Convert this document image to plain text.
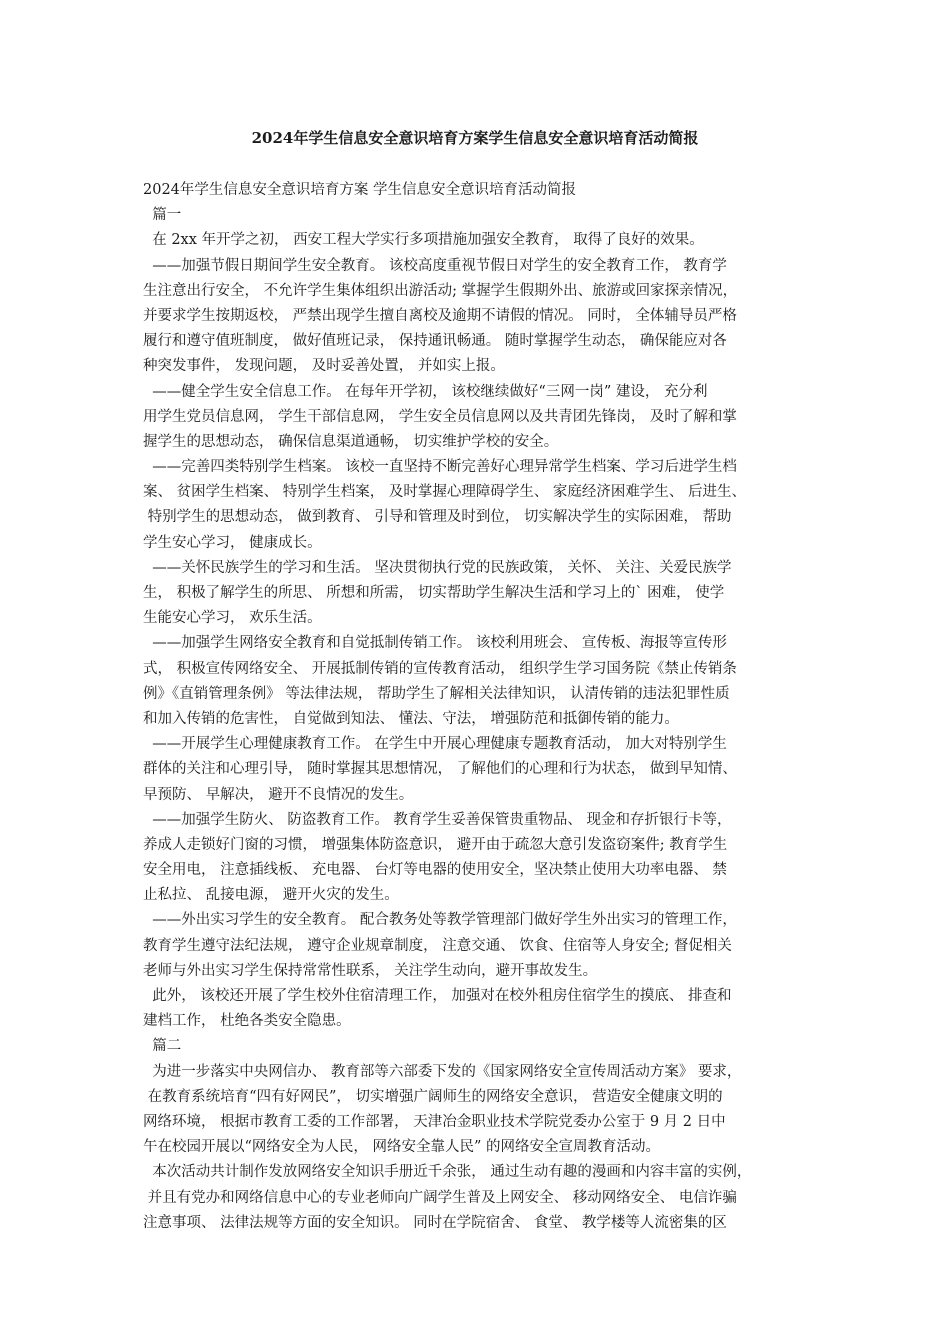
2024年学生信息安全意识培育方案学生信息安全意识培育活动简报
2024年学生信息安全意识培育方案 学生信息安全意识培育活动简报
篇一
在 2xx 年开学之初， 西安工程大学实行多项措施加强安全教育， 取得了良好的效果。
——加强节假日期间学生安全教育。 该校高度重视节假日对学生的安全教育工作， 教育学
生注意出行安全， 不允许学生集体组织出游活动; 掌握学生假期外出、旅游或回家探亲情况，
并要求学生按期返校， 严禁出现学生擅自离校及逾期不请假的情况。 同时， 全体辅导员严格
履行和遵守值班制度， 做好值班记录， 保持通讯畅通。 随时掌握学生动态， 确保能应对各
种突发事件， 发现问题， 及时妥善处置， 并如实上报。
——健全学生安全信息工作。 在每年开学初， 该校继续做好“三网一岗” 建设， 充分利
用学生党员信息网， 学生干部信息网， 学生安全员信息网以及共青团先锋岗， 及时了解和掌
握学生的思想动态， 确保信息渠道通畅， 切实维护学校的安全。
——完善四类特别学生档案。 该校一直坚持不断完善好心理异常学生档案、学习后进学生档
案、 贫困学生档案、 特别学生档案， 及时掌握心理障碍学生、 家庭经济困难学生、 后进生、
特别学生的思想动态， 做到教育、 引导和管理及时到位， 切实解决学生的实际困难， 帮助
学生安心学习， 健康成长。
——关怀民族学生的学习和生活。 坚决贯彻执行党的民族政策， 关怀、 关注、关爱民族学
生， 积极了解学生的所思、 所想和所需， 切实帮助学生解决生活和学习上的` 困难， 使学
生能安心学习， 欢乐生活。
——加强学生网络安全教育和自觉抵制传销工作。 该校利用班会、 宣传板、海报等宣传形
式， 积极宣传网络安全、 开展抵制传销的宣传教育活动， 组织学生学习国务院《禁止传销条
例》《直销管理条例》 等法律法规， 帮助学生了解相关法律知识， 认清传销的违法犯罪性质
和加入传销的危害性， 自觉做到知法、 懂法、守法， 增强防范和抵御传销的能力。
——开展学生心理健康教育工作。 在学生中开展心理健康专题教育活动， 加大对特别学生
群体的关注和心理引导， 随时掌握其思想情况， 了解他们的心理和行为状态， 做到早知情、
早预防、 早解决， 避开不良情况的发生。
——加强学生防火、 防盗教育工作。 教育学生妥善保管贵重物品、 现金和存折银行卡等，
养成人走锁好门窗的习惯， 增强集体防盗意识， 避开由于疏忽大意引发盗窃案件; 教育学生
安全用电， 注意插线板、 充电器、 台灯等电器的使用安全，坚决禁止使用大功率电器、 禁
止私拉、 乱接电源， 避开火灾的发生。
——外出实习学生的安全教育。 配合教务处等教学管理部门做好学生外出实习的管理工作，
教育学生遵守法纪法规， 遵守企业规章制度， 注意交通、 饮食、住宿等人身安全; 督促相关
老师与外出实习学生保持常常性联系， 关注学生动向，避开事故发生。
此外， 该校还开展了学生校外住宿清理工作， 加强对在校外租房住宿学生的摸底、 排查和
建档工作， 杜绝各类安全隐患。
篇二
为进一步落实中央网信办、 教育部等六部委下发的《国家网络安全宣传周活动方案》 要求，
在教育系统培育“四有好网民”， 切实增强广阔师生的网络安全意识， 营造安全健康文明的
网络环境， 根据市教育工委的工作部署， 天津冶金职业技术学院党委办公室于 9 月 2 日中
午在校园开展以“网络安全为人民， 网络安全靠人民” 的网络安全宣周教育活动。
本次活动共计制作发放网络安全知识手册近千余张， 通过生动有趣的漫画和内容丰富的实例，
并且有党办和网络信息中心的专业老师向广阔学生普及上网安全、 移动网络安全、 电信诈骗
注意事项、 法律法规等方面的安全知识。 同时在学院宿舍、 食堂、 教学楼等人流密集的区
